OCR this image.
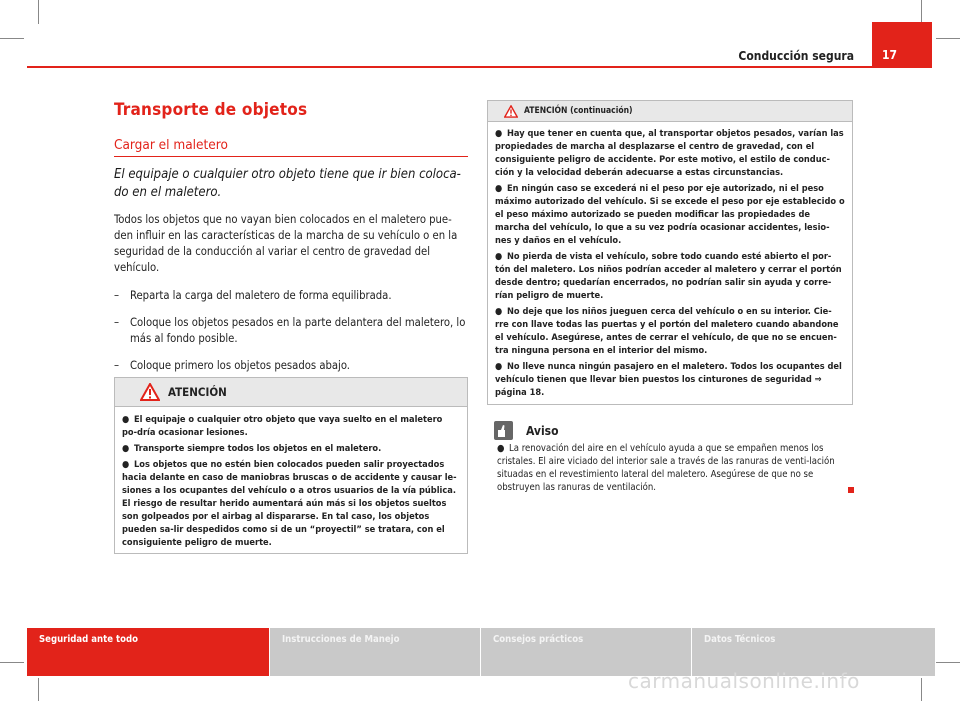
Conducción segura	17
Transporte de objetos
Cargar el maletero
El equipaje o cualquier otro objeto tiene que ir bien coloca-do en el maletero.

Todos los objetos que no vayan bien colocados en el maletero pue-den influir en las características de la marcha de su vehículo o en la seguridad de la conducción al variar el centro de gravedad del vehículo.

– Reparta la carga del maletero de forma equilibrada.
– Coloque los objetos pesados en la parte delantera del maletero, lo más al fondo posible.
– Coloque primero los objetos pesados abajo.
ATENCIÓN

● El equipaje o cualquier otro objeto que vaya suelto en el maletero po-dría ocasionar lesiones.

● Transporte siempre todos los objetos en el maletero.

● Los objetos que no estén bien colocados pueden salir proyectados hacia delante en caso de maniobras bruscas o de accidente y causar le-siones a los ocupantes del vehículo o a otros usuarios de la vía pública. El riesgo de resultar herido aumentará aún más si los objetos sueltos son golpeados por el airbag al dispararse. En tal caso, los objetos pueden sa-lir despedidos como si de un “proyectil” se tratara, con el consiguiente peligro de muerte.

ATENCIÓN (continuación)

● Hay que tener en cuenta que, al transportar objetos pesados, varían las propiedades de marcha al desplazarse el centro de gravedad, con el consiguiente peligro de accidente. Por este motivo, el estilo de conduc-ción y la velocidad deberán adecuarse a estas circunstancias.

● En ningún caso se excederá ni el peso por eje autorizado, ni el peso máximo autorizado del vehículo. Si se excede el peso por eje establecido o el peso máximo autorizado se pueden modificar las propiedades de marcha del vehículo, lo que a su vez podría ocasionar accidentes, lesio-nes y daños en el vehículo.

● No pierda de vista el vehículo, sobre todo cuando esté abierto el por-tón del maletero. Los niños podrían acceder al maletero y cerrar el portón desde dentro; quedarían encerrados, no podrían salir sin ayuda y corre-rían peligro de muerte.

● No deje que los niños jueguen cerca del vehículo o en su interior. Cie-rre con llave todas las puertas y el portón del maletero cuando abandone el vehículo. Asegúrese, antes de cerrar el vehículo, de que no se encuen-tra ninguna persona en el interior del mismo.

● No lleve nunca ningún pasajero en el maletero. Todos los ocupantes del vehículo tienen que llevar bien puestos los cinturones de seguridad ⇒ página 18.

Aviso
● La renovación del aire en el vehículo ayuda a que se empañen menos los cristales. El aire viciado del interior sale a través de las ranuras de venti-lación situadas en el revestimiento lateral del maletero. Asegúrese de que no se obstruyen las ranuras de ventilación.
Seguridad ante todo	Instrucciones de Manejo	Consejos prácticos	Datos Técnicos
carmanualsonline.info
